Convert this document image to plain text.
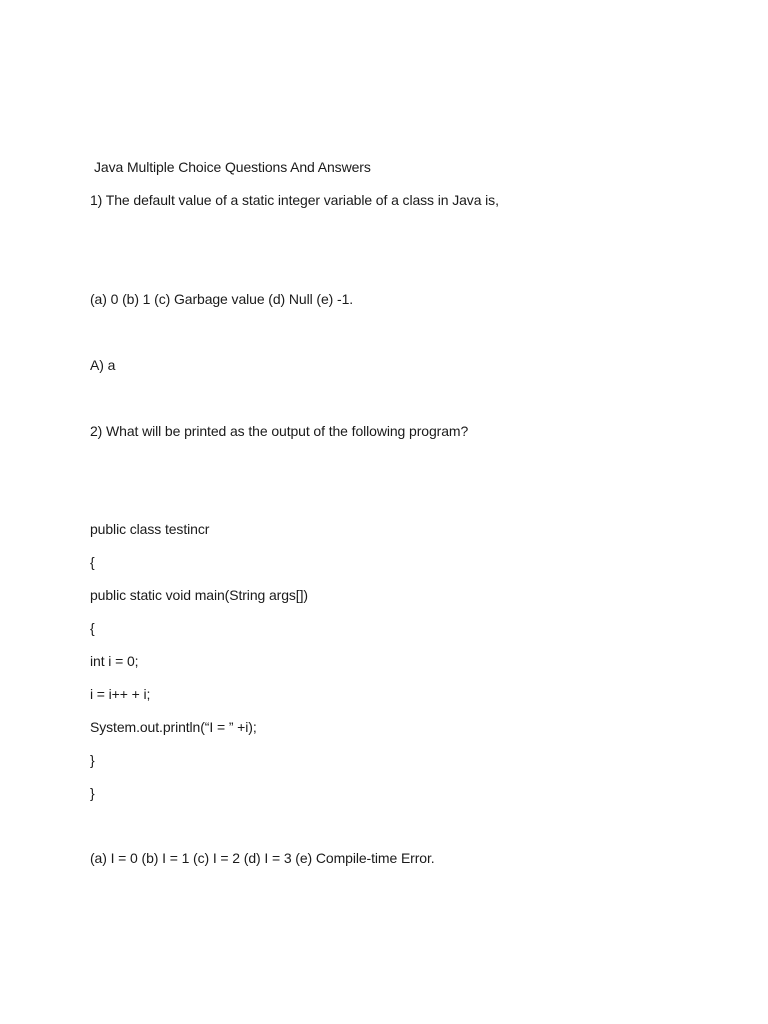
Java Multiple Choice Questions And Answers
1) The default value of a static integer variable of a class in Java is,
(a) 0 (b) 1 (c) Garbage value (d) Null (e) -1.
A) a
2) What will be printed as the output of the following program?
public class testincr
{
public static void main(String args[])
{
int i = 0;
i = i++ + i;
System.out.println(“I = ” +i);
}
}
(a) I = 0 (b) I = 1 (c) I = 2 (d) I = 3 (e) Compile-time Error.
